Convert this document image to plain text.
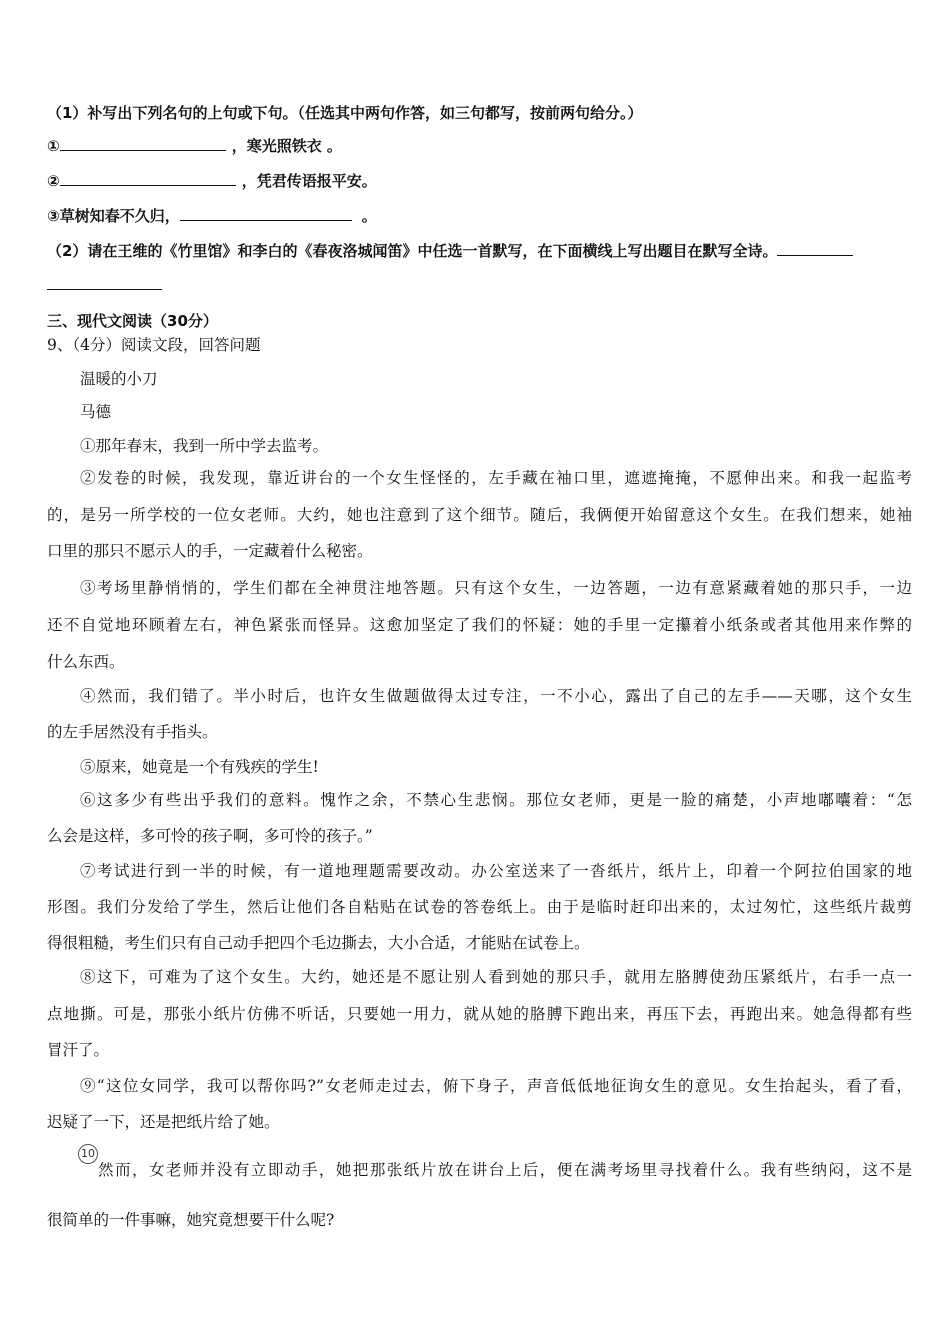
（1）补写出下列名句的上句或下句。（任选其中两句作答，如三句都写，按前两句给分。）
①	，寒光照铁衣 。
②	，凭君传语报平安。
③草树知春不久归，	。
（2）请在王维的《竹里馆》和李白的《春夜洛城闻笛》中任选一首默写，在下面横线上写出题目在默写全诗。
三、现代文阅读（30分）
9、（4分）阅读文段，回答问题
温暖的小刀
马德
①那年春末，我到一所中学去监考。
②发卷的时候，我发现，靠近讲台的一个女生怪怪的，左手藏在袖口里，遮遮掩掩，不愿伸出来。和我一起监考
的，是另一所学校的一位女老师。大约，她也注意到了这个细节。随后，我俩便开始留意这个女生。在我们想来，她袖
口里的那只不愿示人的手，一定藏着什么秘密。
③考场里静悄悄的，学生们都在全神贯注地答题。只有这个女生，一边答题，一边有意紧藏着她的那只手，一边
还不自觉地环顾着左右，神色紧张而怪异。这愈加坚定了我们的怀疑：她的手里一定攥着小纸条或者其他用来作弊的
什么东西。
④然而，我们错了。半小时后，也许女生做题做得太过专注，一不小心，露出了自己的左手——天哪，这个女生
的左手居然没有手指头。
⑤原来，她竟是一个有残疾的学生!
⑥这多少有些出乎我们的意料。愧怍之余，不禁心生悲悯。那位女老师，更是一脸的痛楚，小声地嘟囔着：“怎
么会是这样，多可怜的孩子啊，多可怜的孩子。”
⑦考试进行到一半的时候，有一道地理题需要改动。办公室送来了一沓纸片，纸片上，印着一个阿拉伯国家的地
形图。我们分发给了学生，然后让他们各自粘贴在试卷的答卷纸上。由于是临时赶印出来的，太过匆忙，这些纸片裁剪
得很粗糙，考生们只有自己动手把四个毛边撕去，大小合适，才能贴在试卷上。
⑧这下，可难为了这个女生。大约，她还是不愿让别人看到她的那只手，就用左胳膊使劲压紧纸片，右手一点一
点地撕。可是，那张小纸片仿佛不听话，只要她一用力，就从她的胳膊下跑出来，再压下去，再跑出来。她急得都有些
冒汗了。
⑨“这位女同学，我可以帮你吗?”女老师走过去，俯下身子，声音低低地征询女生的意见。女生抬起头，看了看，
迟疑了一下，还是把纸片给了她。
10
然而，女老师并没有立即动手，她把那张纸片放在讲台上后，便在满考场里寻找着什么。我有些纳闷，这不是
很简单的一件事嘛，她究竟想要干什么呢?
